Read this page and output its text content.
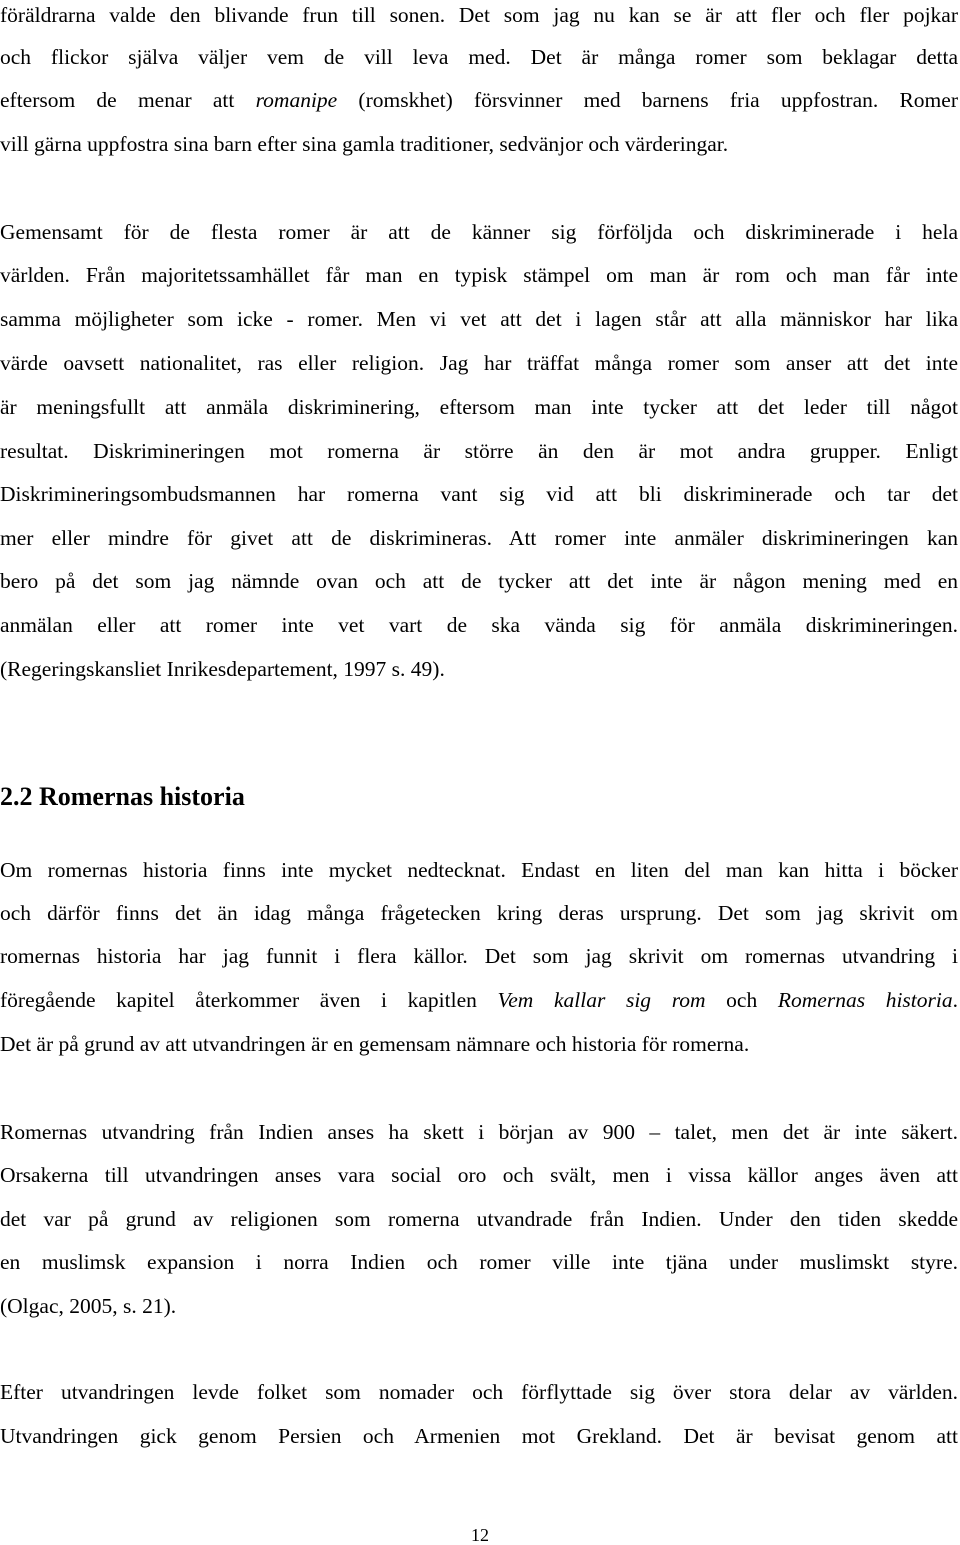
föräldrarna valde den blivande frun till sonen. Det som jag nu kan se är att fler och fler pojkar
och flickor själva väljer vem de vill leva med. Det är många romer som beklagar detta
eftersom de menar att romanipe (romskhet) försvinner med barnens fria uppfostran. Romer
vill gärna uppfostra sina barn efter sina gamla traditioner, sedvänjor och värderingar.
Gemensamt för de flesta romer är att de känner sig förföljda och diskriminerade i hela
världen. Från majoritetssamhället får man en typisk stämpel om man är rom och man får inte
samma möjligheter som icke - romer. Men vi vet att det i lagen står att alla människor har lika
värde oavsett nationalitet, ras eller religion. Jag har träffat många romer som anser att det inte
är meningsfullt att anmäla diskriminering, eftersom man inte tycker att det leder till något
resultat. Diskrimineringen mot romerna är större än den är mot andra grupper. Enligt
Diskrimineringsombudsmannen har romerna vant sig vid att bli diskriminerade och tar det
mer eller mindre för givet att de diskrimineras. Att romer inte anmäler diskrimineringen kan
bero på det som jag nämnde ovan och att de tycker att det inte är någon mening med en
anmälan eller att romer inte vet vart de ska vända sig för anmäla diskrimineringen.
(Regeringskansliet Inrikesdepartement, 1997 s. 49).
2.2 Romernas historia
Om romernas historia finns inte mycket nedtecknat. Endast en liten del man kan hitta i böcker
och därför finns det än idag många frågetecken kring deras ursprung. Det som jag skrivit om
romernas historia har jag funnit i flera källor. Det som jag skrivit om romernas utvandring i
föregående kapitel återkommer även i kapitlen Vem kallar sig rom och Romernas historia.
Det är på grund av att utvandringen är en gemensam nämnare och historia för romerna.
Romernas utvandring från Indien anses ha skett i början av 900 – talet, men det är inte säkert.
Orsakerna till utvandringen anses vara social oro och svält, men i vissa källor anges även att
det var på grund av religionen som romerna utvandrade från Indien. Under den tiden skedde
en muslimsk expansion i norra Indien och romer ville inte tjäna under muslimskt styre.
(Olgac, 2005, s. 21).
Efter utvandringen levde folket som nomader och förflyttade sig över stora delar av världen.
Utvandringen gick genom Persien och Armenien mot Grekland. Det är bevisat genom att
12
